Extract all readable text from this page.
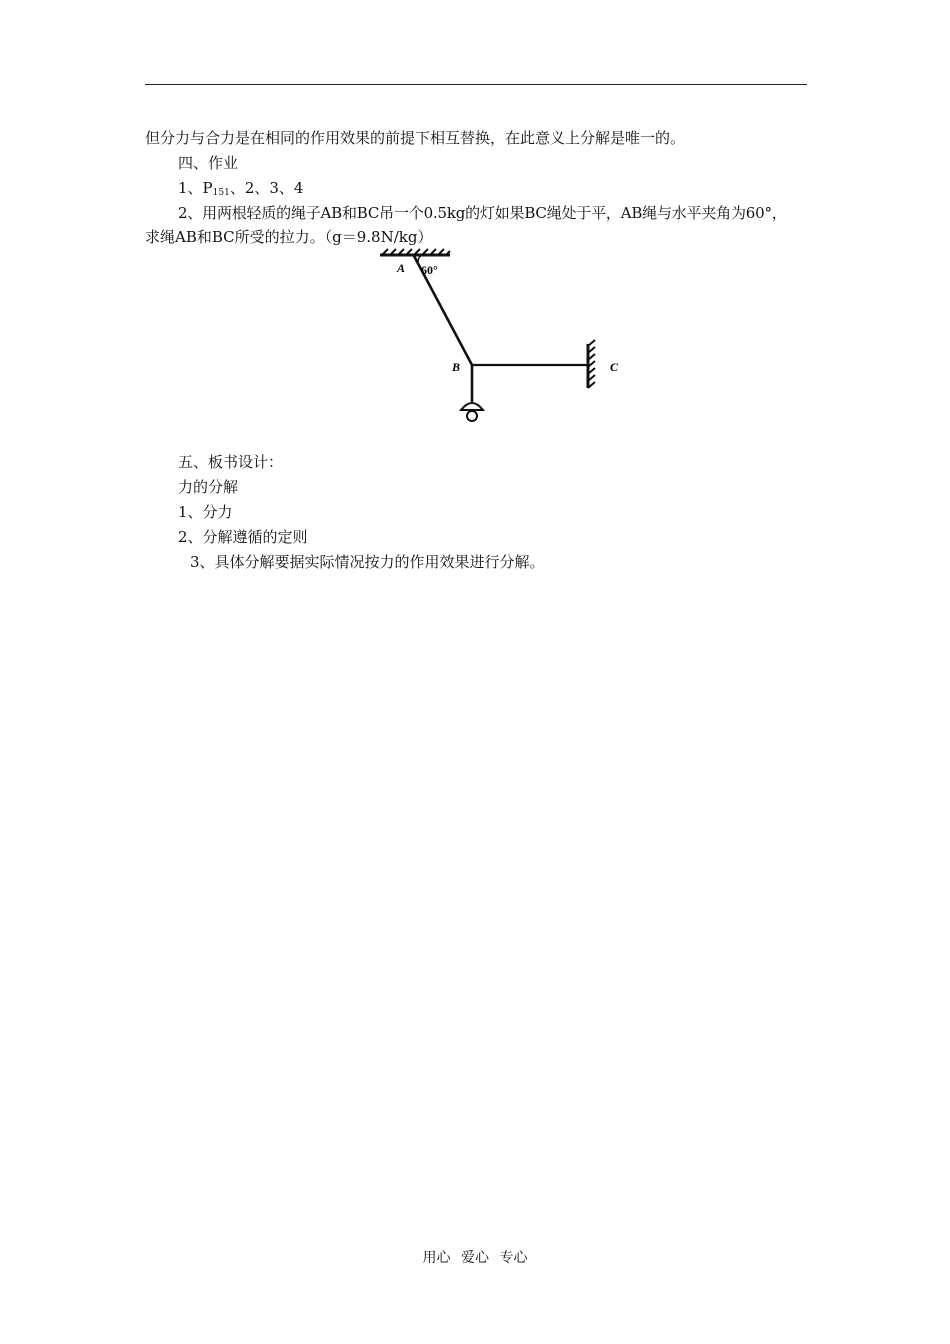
但分力与合力是在相同的作用效果的前提下相互替换，在此意义上分解是唯一的。
四、作业
1、$P_{151}$、2、3、4
2、用两根轻质的绳子AB和BC吊一个0.5kg的灯如果BC绳处于平，AB绳与水平夹角为60°，
求绳AB和BC所受的拉力。（g＝9.8N/kg）
A 60°
B	C
五、板书设计：
力的分解
1、分力
2、分解遵循的定则
3、具体分解要据实际情况按力的作用效果进行分解。
用心 爱心 专心
